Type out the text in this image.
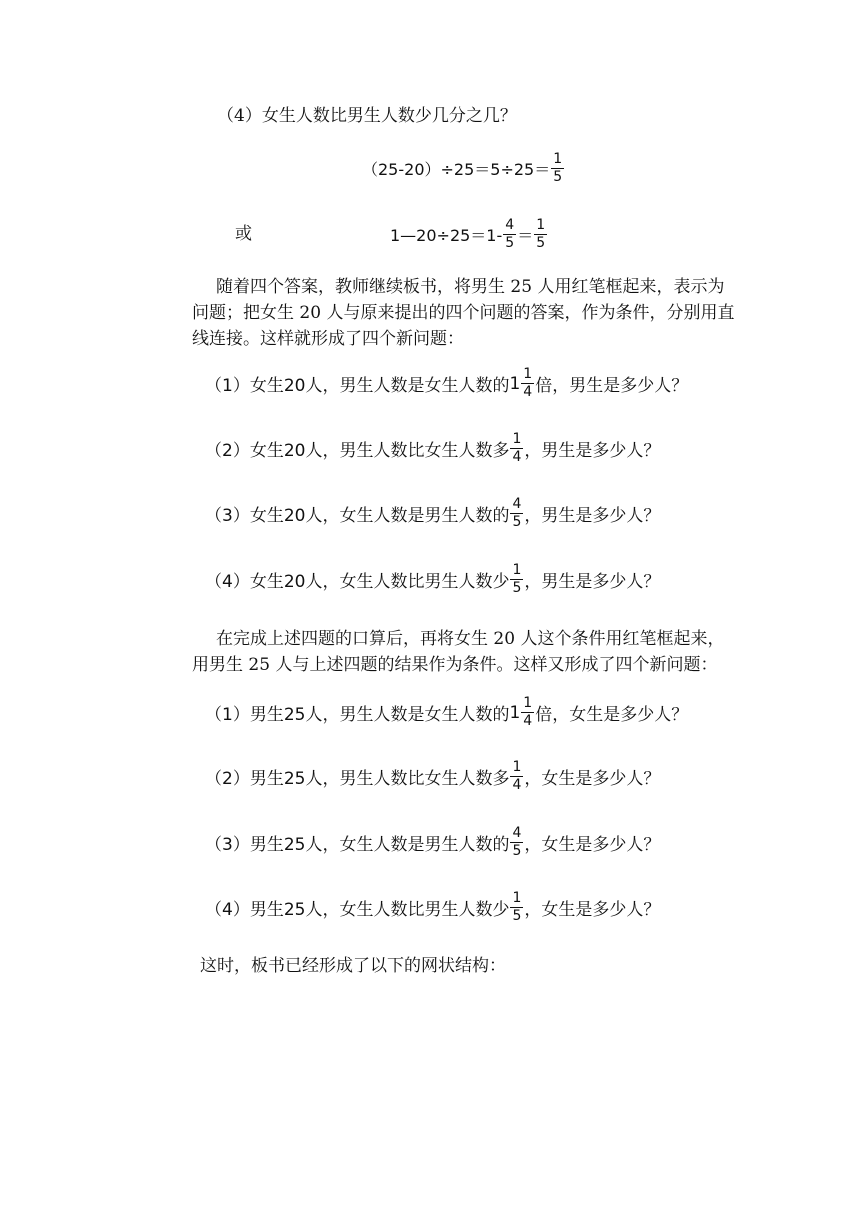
（4）女生人数比男生人数少几分之几？
$(25-20)\div 25=5\div 25= \frac{1}{5}$
或	1—20÷25＝1- $\frac{4}{5} = \frac{1}{5}$
随着四个答案，教师继续板书，将男生 25 人用红笔框起来，表示为
问题；把女生 20 人与原来提出的四个问题的答案，作为条件，分别用直
线连接。这样就形成了四个新问题：
（1）女生20人，男生人数是女生人数的 $1 \frac{1}{4}$ 倍，男生是多少人？
（2）女生20人，男生人数比女生人数多 $\frac{1}{4}$ ，男生是多少人？
（3）女生20人，女生人数是男生人数的 $\frac{4}{5}$ ，男生是多少人？
（4）女生20人，女生人数比男生人数少 $\frac{1}{5}$ ，男生是多少人？
在完成上述四题的口算后，再将女生 20 人这个条件用红笔框起来，
用男生 25 人与上述四题的结果作为条件。这样又形成了四个新问题：
（1）男生25人，男生人数是女生人数的 $1 \frac{1}{4}$ 倍，女生是多少人？
（2）男生25人，男生人数比女生人数多 $\frac{1}{4}$ ，女生是多少人？
（3）男生25人，女生人数是男生人数的 $\frac{4}{5}$ ，女生是多少人？
（4）男生25人，女生人数比男生人数少 $\frac{1}{5}$ ，女生是多少人？
这时，板书已经形成了以下的网状结构：
